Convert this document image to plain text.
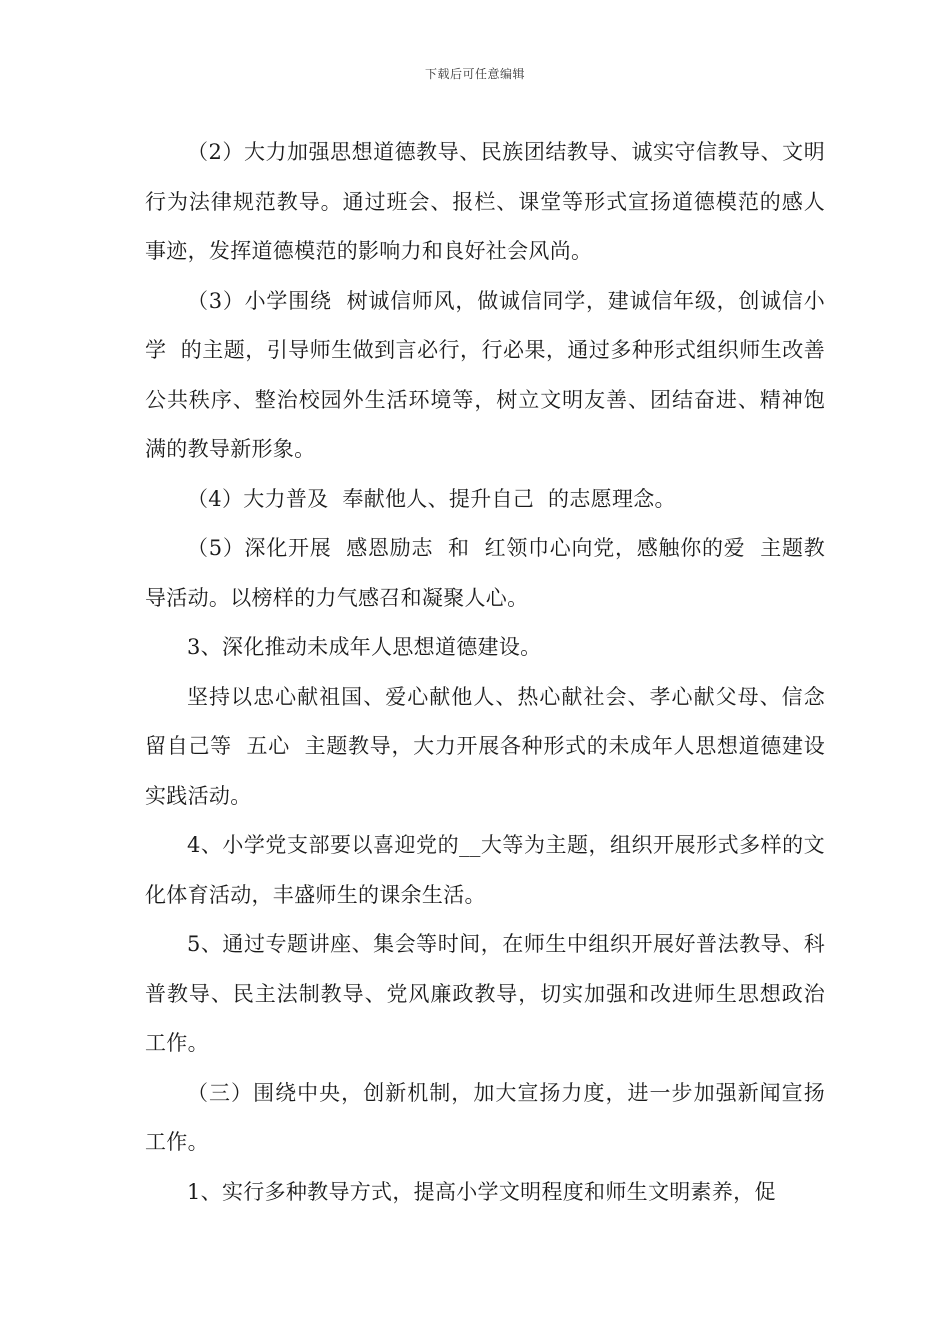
下载后可任意编辑

（2）大力加强思想道德教导、民族团结教导、诚实守信教导、文明行为法律规范教导。通过班会、报栏、课堂等形式宣扬道德模范的感人事迹，发挥道德模范的影响力和良好社会风尚。

（3）小学围绕  树诚信师风，做诚信同学，建诚信年级，创诚信小学  的主题，引导师生做到言必行，行必果，通过多种形式组织师生改善公共秩序、整治校园外生活环境等，树立文明友善、团结奋进、精神饱满的教导新形象。

（4）大力普及  奉献他人、提升自己  的志愿理念。

（5）深化开展  感恩励志  和  红领巾心向党，感触你的爱  主题教导活动。以榜样的力气感召和凝聚人心。

3、深化推动未成年人思想道德建设。

坚持以忠心献祖国、爱心献他人、热心献社会、孝心献父母、信念留自己等  五心  主题教导，大力开展各种形式的未成年人思想道德建设实践活动。

4、小学党支部要以喜迎党的__大等为主题，组织开展形式多样的文化体育活动，丰盛师生的课余生活。

5、通过专题讲座、集会等时间，在师生中组织开展好普法教导、科普教导、民主法制教导、党风廉政教导，切实加强和改进师生思想政治工作。

（三）围绕中央，创新机制，加大宣扬力度，进一步加强新闻宣扬工作。

1、实行多种教导方式，提高小学文明程度和师生文明素养，促
